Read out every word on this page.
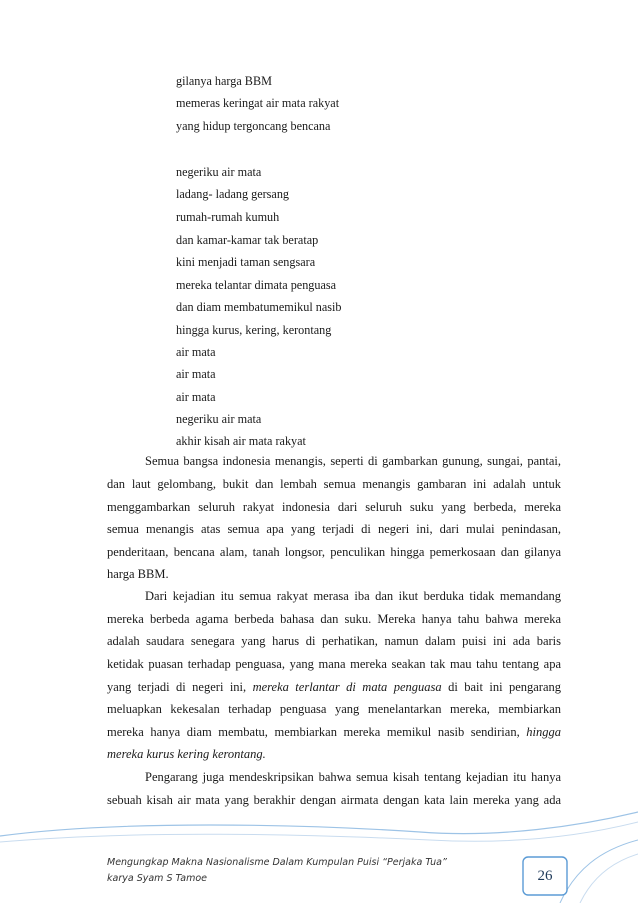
gilanya harga BBM
memeras keringat air mata rakyat
yang hidup tergoncang bencana
negeriku air mata
ladang- ladang gersang
rumah-rumah kumuh
dan kamar-kamar tak beratap
kini menjadi taman sengsara
mereka telantar dimata penguasa
dan diam membatumemikul nasib
hingga kurus, kering, kerontang
air mata
air mata
air mata
negeriku air mata
akhir kisah air mata rakyat
Semua bangsa indonesia menangis, seperti di gambarkan gunung, sungai, pantai,
dan laut gelombang, bukit dan lembah semua menangis gambaran ini adalah untuk
menggambarkan seluruh rakyat indonesia dari seluruh suku yang berbeda, mereka
semua menangis atas semua apa yang terjadi di negeri ini, dari mulai penindasan,
penderitaan, bencana alam, tanah longsor, penculikan hingga pemerkosaan dan gilanya
harga BBM.
Dari kejadian itu semua rakyat merasa iba dan ikut berduka tidak memandang
mereka berbeda agama berbeda bahasa dan suku. Mereka hanya tahu bahwa mereka
adalah saudara senegara yang harus di perhatikan, namun dalam puisi ini ada baris
ketidak puasan terhadap penguasa, yang mana mereka seakan tak mau tahu tentang apa
yang terjadi di negeri ini, mereka terlantar di mata penguasa di bait ini pengarang
meluapkan kekesalan terhadap penguasa yang menelantarkan mereka, membiarkan
mereka hanya diam membatu, membiarkan mereka memikul nasib sendirian, hingga
mereka kurus kering kerontang.
Pengarang juga mendeskripsikan bahwa semua kisah tentang kejadian itu hanya
sebuah kisah air mata yang berakhir dengan airmata dengan kata lain mereka yang ada
Mengungkap Makna Nasionalisme Dalam Kumpulan Puisi “Perjaka Tua”
karya Syam S Tamoe	26
